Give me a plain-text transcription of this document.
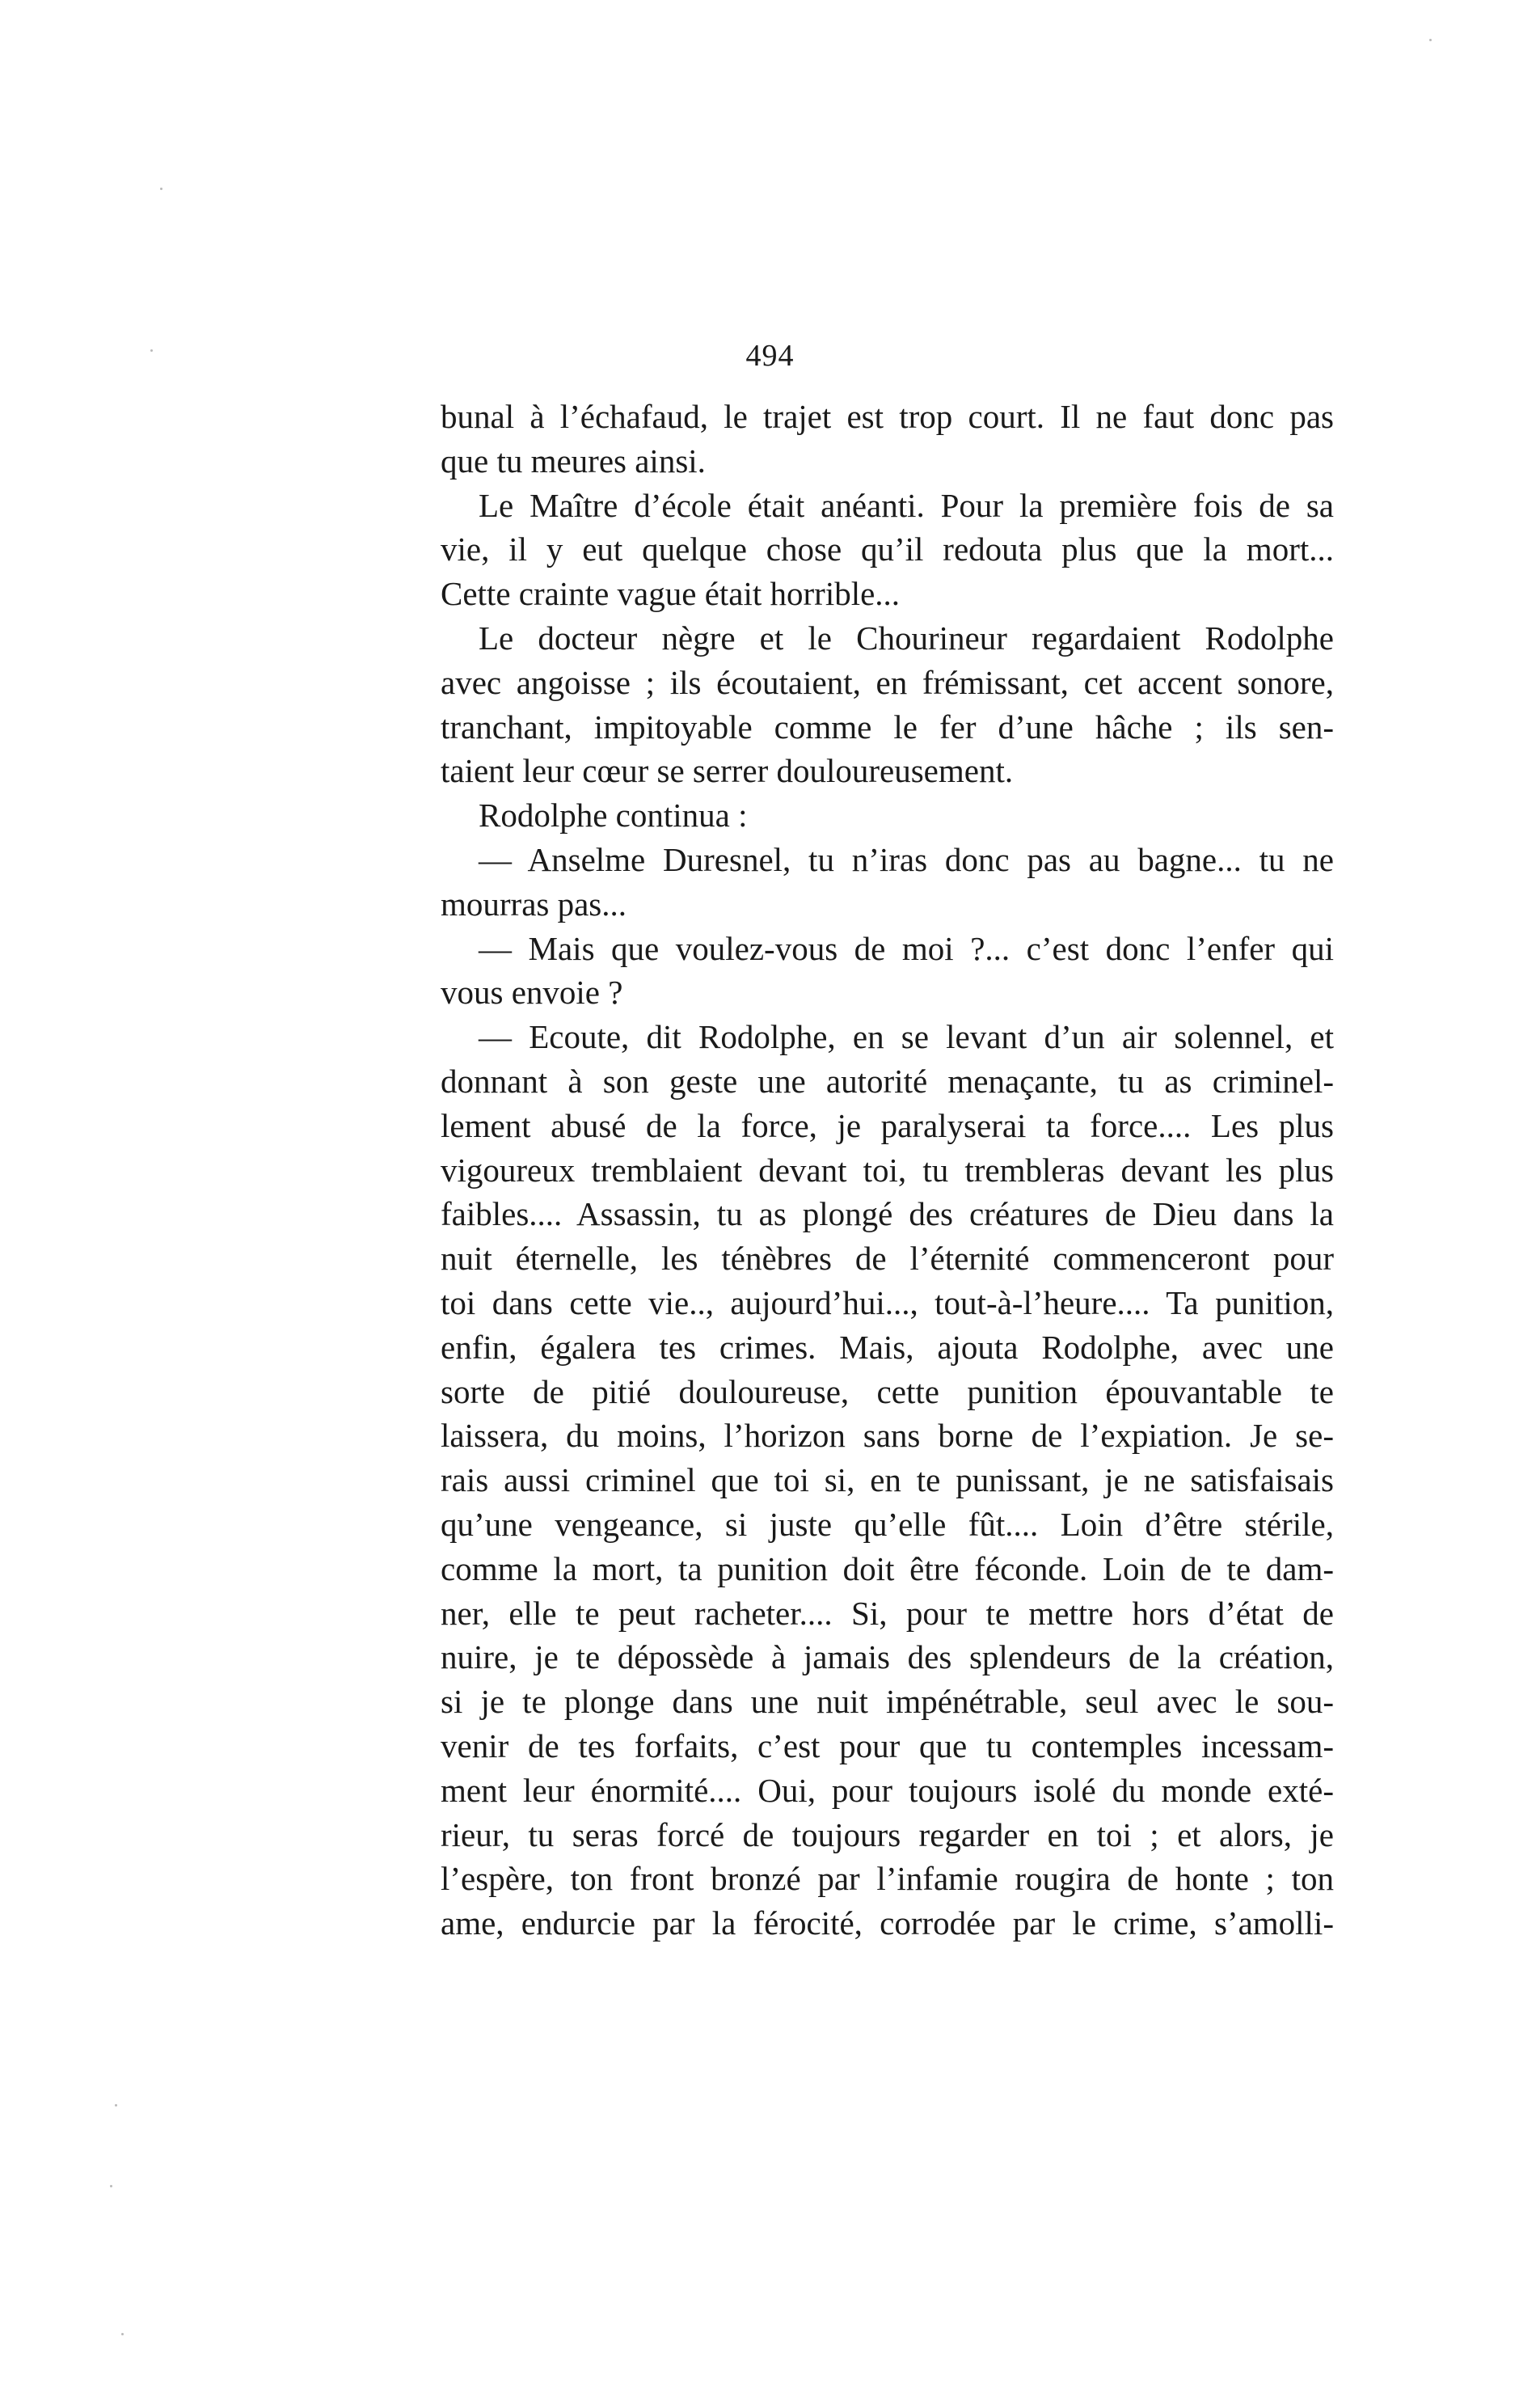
494
bunal à l’échafaud, le trajet est trop court. Il ne faut donc pas
que tu meures ainsi.
Le Maître d’école était anéanti. Pour la première fois de sa
vie, il y eut quelque chose qu’il redouta plus que la mort...
Cette crainte vague était horrible...
Le docteur nègre et le Chourineur regardaient Rodolphe
avec angoisse ; ils écoutaient, en frémissant, cet accent sonore,
tranchant, impitoyable comme le fer d’une hâche ; ils sen-
taient leur cœur se serrer douloureusement.
Rodolphe continua :
— Anselme Duresnel, tu n’iras donc pas au bagne... tu ne
mourras pas...
— Mais que voulez-vous de moi ?... c’est donc l’enfer qui
vous envoie ?
— Ecoute, dit Rodolphe, en se levant d’un air solennel, et
donnant à son geste une autorité menaçante, tu as criminel-
lement abusé de la force, je paralyserai ta force.... Les plus
vigoureux tremblaient devant toi, tu trembleras devant les plus
faibles.... Assassin, tu as plongé des créatures de Dieu dans la
nuit éternelle, les ténèbres de l’éternité commenceront pour
toi dans cette vie.., aujourd’hui..., tout-à-l’heure.... Ta punition,
enfin, égalera tes crimes. Mais, ajouta Rodolphe, avec une
sorte de pitié douloureuse, cette punition épouvantable te
laissera, du moins, l’horizon sans borne de l’expiation. Je se-
rais aussi criminel que toi si, en te punissant, je ne satisfaisais
qu’une vengeance, si juste qu’elle fût.... Loin d’être stérile,
comme la mort, ta punition doit être féconde. Loin de te dam-
ner, elle te peut racheter.... Si, pour te mettre hors d’état de
nuire, je te dépossède à jamais des splendeurs de la création,
si je te plonge dans une nuit impénétrable, seul avec le sou-
venir de tes forfaits, c’est pour que tu contemples incessam-
ment leur énormité.... Oui, pour toujours isolé du monde exté-
rieur, tu seras forcé de toujours regarder en toi ; et alors, je
l’espère, ton front bronzé par l’infamie rougira de honte ; ton
ame, endurcie par la férocité, corrodée par le crime, s’amolli-
